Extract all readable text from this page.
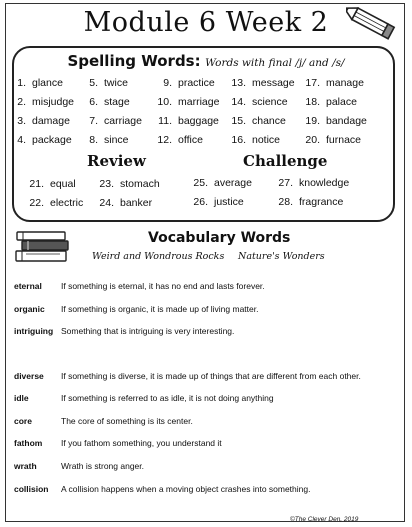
Module 6 Week 2
Spelling Words: Words with final /j/ and /s/
1. glance
2. misjudge
3. damage
4. package
5. twice
6. stage
7. carriage
8. since
9. practice
10. marriage
11. baggage
12. office
13. message
14. science
15. chance
16. notice
17. manage
18. palace
19. bandage
20. furnace
Review	Challenge
21. equal
22. electric
23. stomach
24. banker
25. average
26. justice
27. knowledge
28. fragrance
Vocabulary Words
Weird and Wondrous Rocks Nature's Wonders
eternal If something is eternal, it has no end and lasts forever.
organic If something is organic, it is made up of living matter.
intriguing Something that is intriguing is very interesting.
diverse If something is diverse, it is made up of things that are different from each other.
idle	If something is referred to as idle, it is not doing anything
core	The core of something is its center.
fathom If you fathom something, you understand it
wrath	Wrath is strong anger.
collision A collision happens when a moving object crashes into something.
©The Clever Den, 2019
